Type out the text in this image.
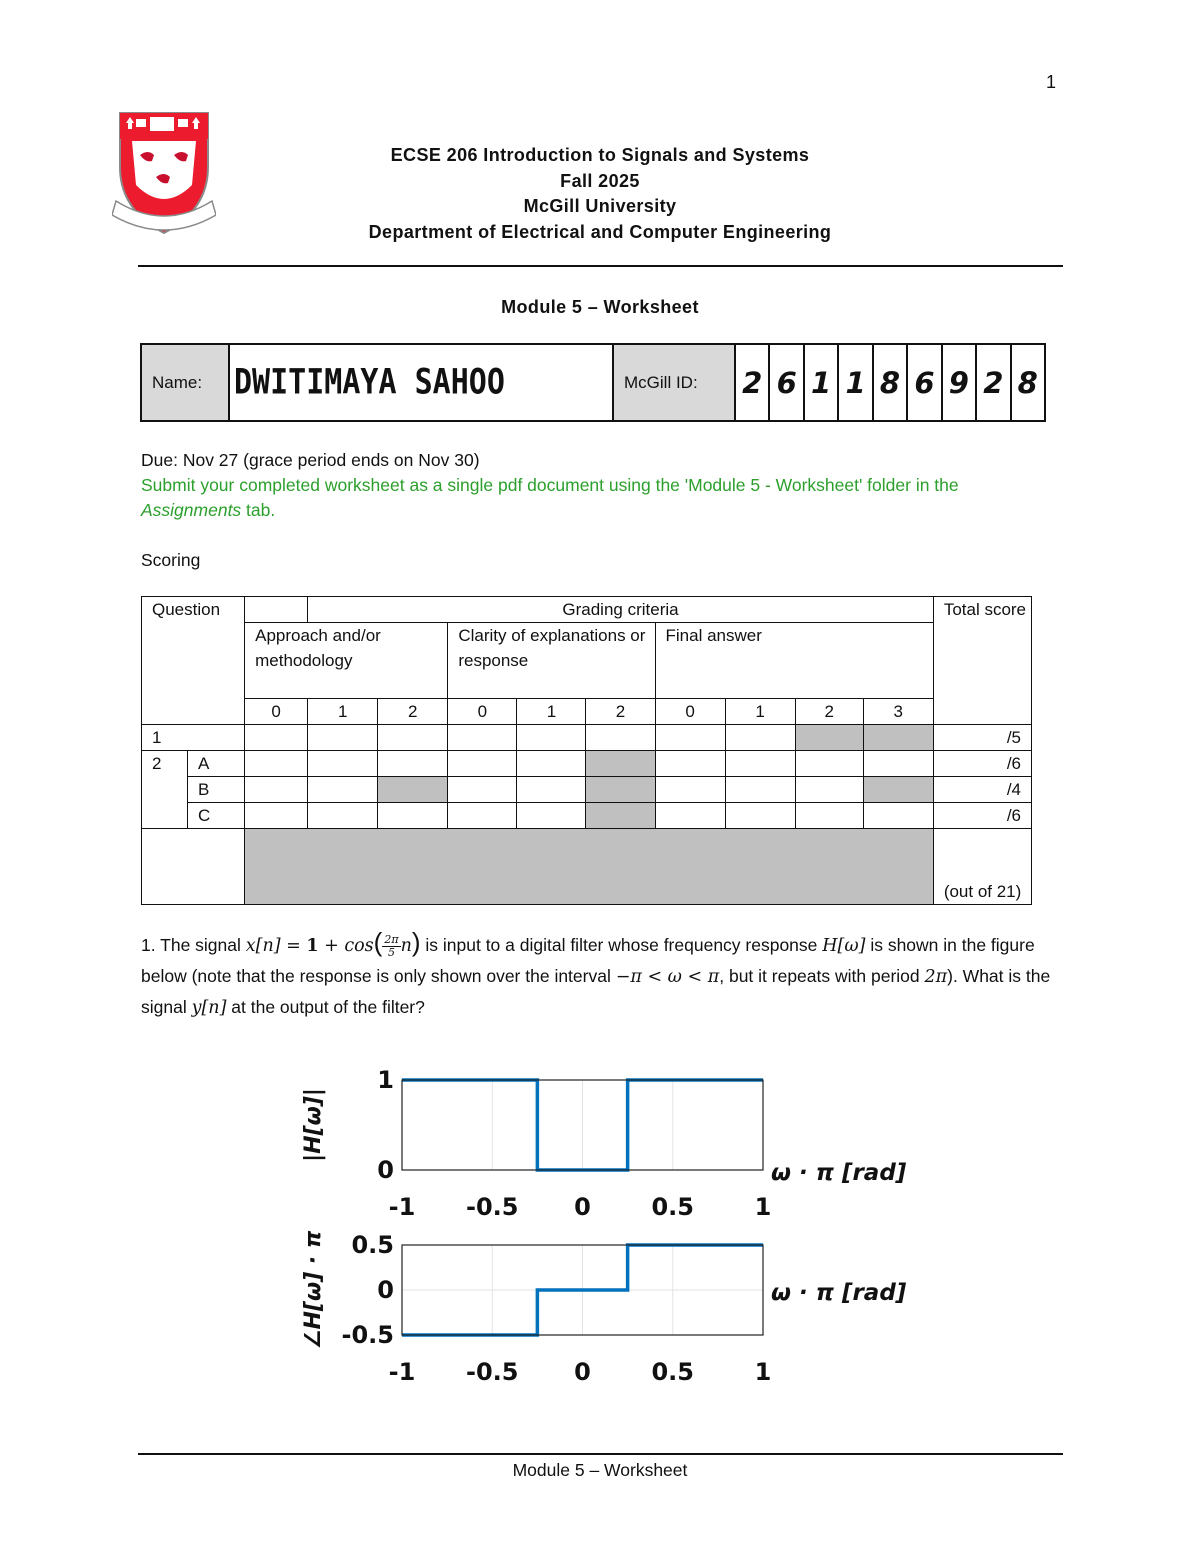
1
ECSE 206 Introduction to Signals and Systems
Fall 2025
McGill University
Department of Electrical and Computer Engineering
Module 5 – Worksheet
Name:	DWITIMAYA SAHOO	McGill ID:	2	6	1	1	8	6	9	2	8
Due: Nov 27 (grace period ends on Nov 30)
Submit your completed worksheet as a single pdf document using the 'Module 5 - Worksheet' folder in the Assignments tab.
Scoring
Question			Grading criteria									Total score
		Approach and/or methodology			Clarity of explanations or response			Final answer				
		0	1	2	0	1	2	0	1	2	3	
1												/5
2	A											/6
	B											/4
	C											/6
												(out of 21)
1. The signal $x[n] = 1 + \cos( \frac{2\pi}{5} n)$ is input to a digital filter whose frequency response H[ω] is shown in the figure below (note that the response is only shown over the interval −π < ω < π, but it repeats with period 2π). What is the signal y[n] at the output of the filter?
-1 -0.5 0	0.5	1
0
1
|H[ω]|
ω · π [rad]
-1 -0.5 0	0.5	1
-0.5
0
0.5
∠H[ω] · π	ω · π [rad]
Module 5 – Worksheet
